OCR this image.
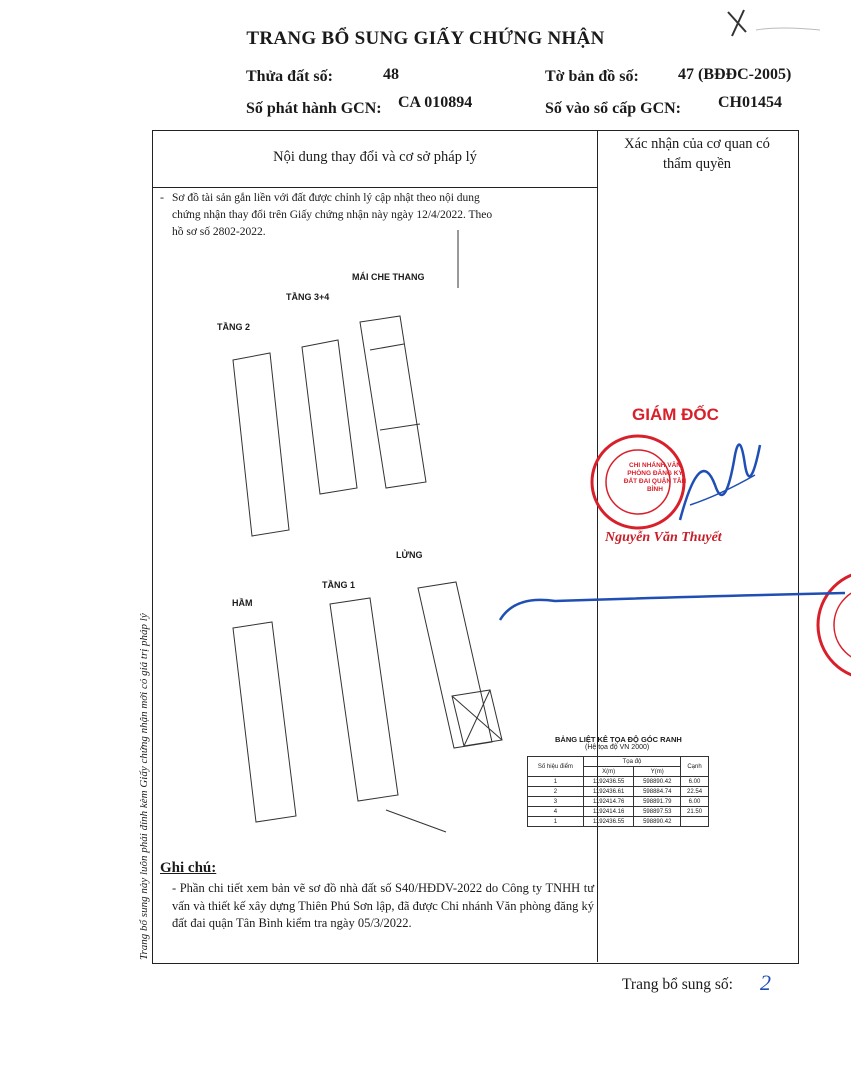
TRANG BỔ SUNG GIẤY CHỨNG NHẬN
Thửa đất số:	48	Tờ bản đồ số: 47 (BĐĐC-2005)
Số phát hành GCN: CA 010894	Số vào sổ cấp GCN: CH01454
Nội dung thay đổi và cơ sở pháp lý
Xác nhận của cơ quan có
thẩm quyền
- Sơ đồ tài sản gắn liền với đất được chỉnh lý cập nhật theo nội dung
chứng nhận thay đổi trên Giấy chứng nhận này ngày 12/4/2022. Theo
hồ sơ số 2802-2022.
MÁI CHE THANG
TẦNG 3+4
TẦNG 2
LỬNG
TẦNG 1
HẦM
BẢNG LIỆT KÊ TỌA ĐỘ GÓC RANH
(Hệ tọa độ VN 2000)
Số hiệu điểm	Tọa độ		Cạnh
	X(m)	Y(m)	
1	1192436.55	598890.42	6.00
2	1192436.61	598884.74	22.54
3	1192414.76	598891.79	6.00
4	1192414.16	598897.53	21.50
1	1192436.55	598890.42	
CHI NHÁNH VĂN PHÒNG ĐĂNG KÝ ĐẤT ĐAI QUẬN TÂN BÌNH
GIÁM ĐỐC
Nguyễn Văn Thuyết
Ghi chú:
- Phần chi tiết xem bản vẽ sơ đồ nhà đất số S40/HĐDV-2022 do Công ty TNHH tư vấn và thiết kế xây dựng Thiên Phú Sơn lập, đã được Chi nhánh Văn phòng đăng ký đất đai quận Tân Bình kiểm tra ngày 05/3/2022.
Trang bổ sung này luôn phải đính kèm Giấy chứng nhận mới có giá trị pháp lý
Trang bổ sung số: 2
